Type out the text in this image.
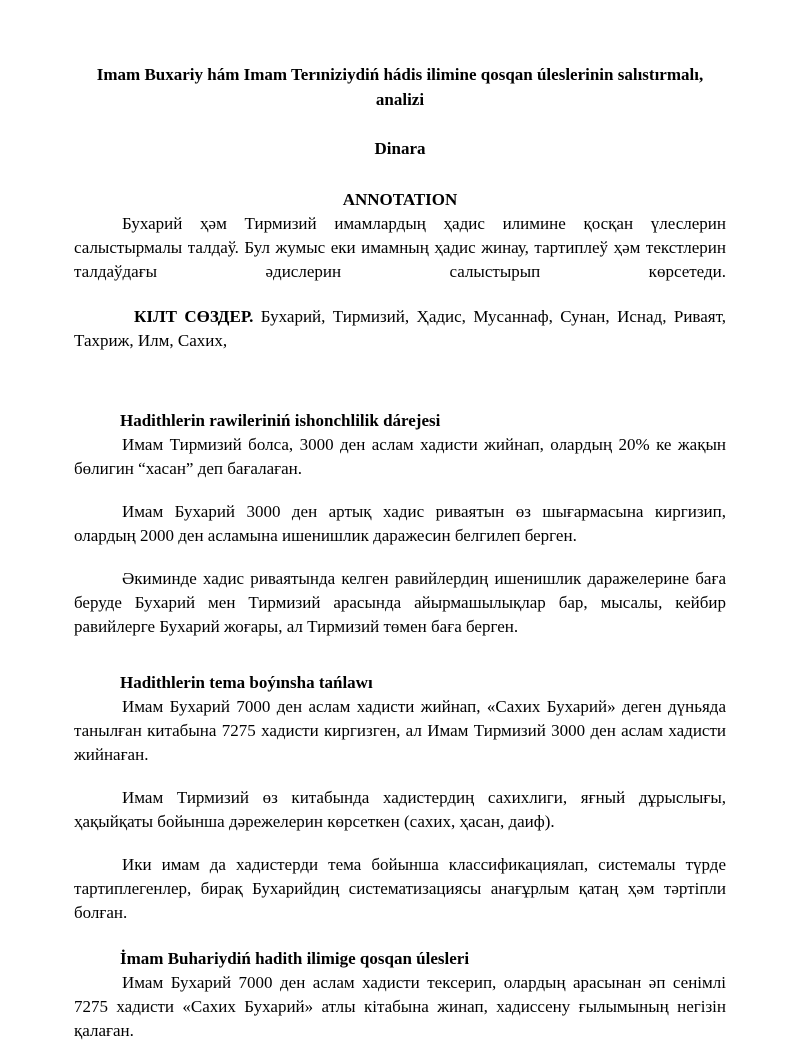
Imam Buxariy hám Imam Terıniziydiń hádis ilimine qosqan úleslerinin salıstırmalı, analizi
Dinara
ANNOTATION

Бухарий ҳәм Тирмизий имамлардың ҳадис илимине қосқан үлеслерин салыстырмалы талдаў. Бул жумыс еки имамның ҳадис жинау, тартиплеў ҳәм текстлерин талдаўдағы әдислерин салыстырып көрсетеди.

КІЛТ СӨЗДЕР. Бухарий, Тирмизий, Ҳадис, Мусаннаф, Сунан, Иснад, Риваят, Тахриж, Илм, Сахих,

Hadithlerin rawileriniń ishonchlilik dárejesi

Имам Тирмизий болса, 3000 ден аслам хадисти жийнап, олардың 20% ке жақын бөлигин “хасан” деп бағалаған.

Имам Бухарий 3000 ден артық хадис риваятын өз шығармасына киргизип, олардың 2000 ден асламына ишенишлик даражесин белгилеп берген.

Әкиминде хадис риваятында келген равийлердиң ишенишлик даражелерине баға беруде Бухарий мен Тирмизий арасында айырмашылықлар бар, мысалы, кейбир равийлерге Бухарий жоғары, ал Тирмизий төмен баға берген.

Hadithlerin tema boýınsha tańlawı

Имам Бухарий 7000 ден аслам хадисти жийнап, «Сахих Бухарий» деген дүньяда танылған китабына 7275 хадисти киргизген, ал Имам Тирмизий 3000 ден аслам хадисти жийнаған.

Имам Тирмизий өз китабында хадистердиң сахихлиги, яғный дұрыслығы, ҳақыйқаты бойынша дәрежелерин көрсеткен (сахих, ҳасан, даиф).

Ики имам да хадистерди тема бойынша классификациялап, системалы түрде тартиплегенлер, бирақ Бухарийдиң систематизациясы анағұрлым қатаң ҳәм тәртіпли болған.

İmam Buhariydiń hadith ilimige qosqan úlesleri

Имам Бухарий 7000 ден аслам хадисти тексерип, олардың арасынан әп сенімлі 7275 хадисти «Сахих Бухарий» атлы кітабына жинап, хадиссену ғылымының негізін қалаған.
